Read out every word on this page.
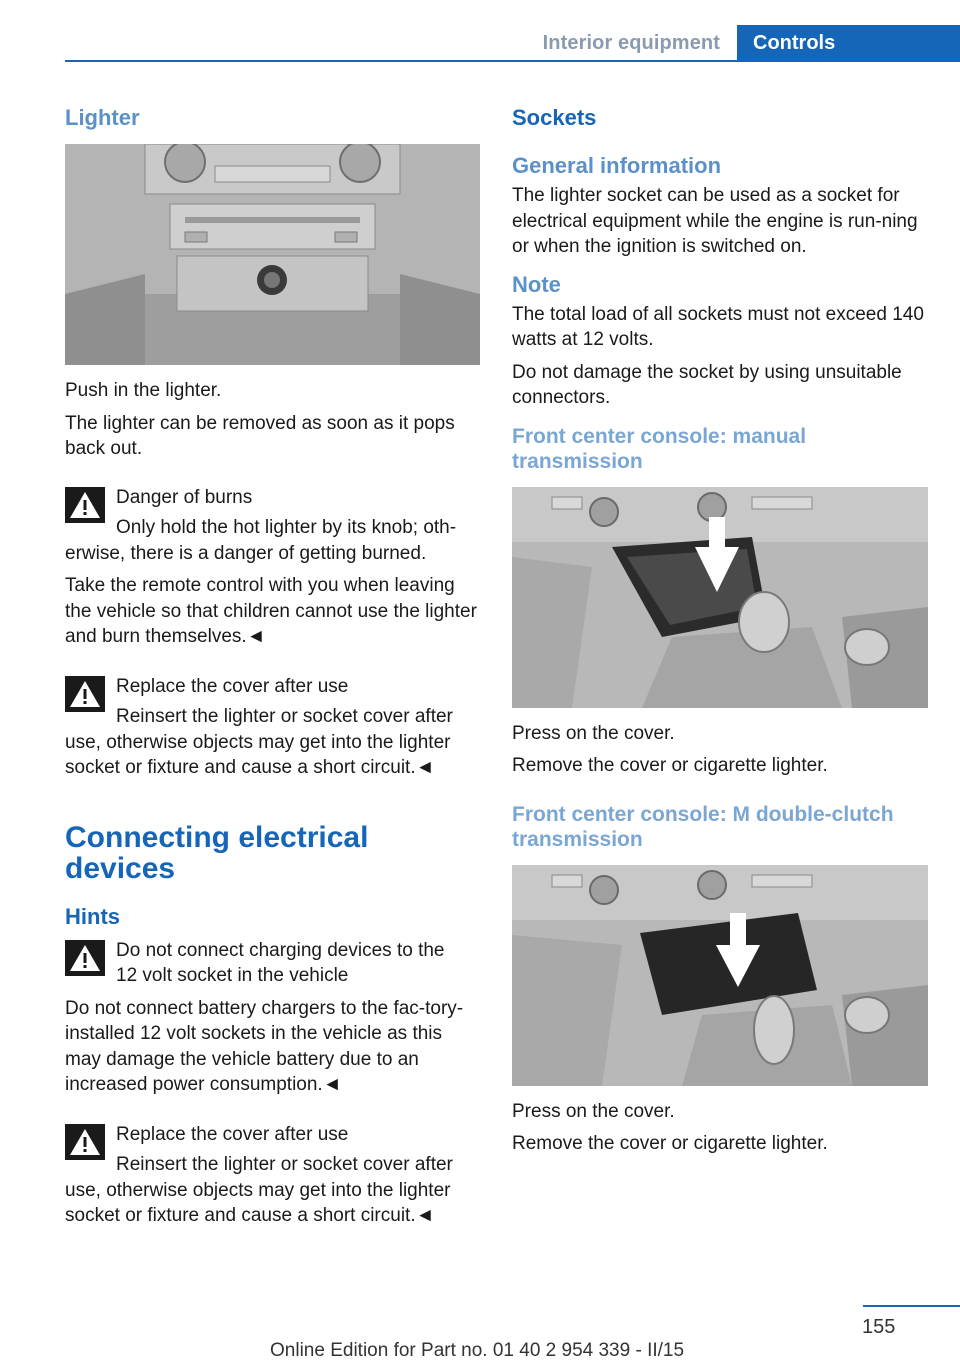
Interior equipment	Controls
Lighter
Push in the lighter.
The lighter can be removed as soon as it pops back out.
Danger of burns
Only hold the hot lighter by its knob; oth-
erwise, there is a danger of getting burned.
Take the remote control with you when leaving the vehicle so that children cannot use the lighter and burn themselves.◄
Replace the cover after use
Reinsert the lighter or socket cover after
use, otherwise objects may get into the lighter socket or fixture and cause a short circuit.◄
Connecting electrical devices
Hints
Do not connect charging devices to the
12 volt socket in the vehicle
Do not connect battery chargers to the fac-tory-installed 12 volt sockets in the vehicle as this may damage the vehicle battery due to an increased power consumption.◄
Replace the cover after use
Reinsert the lighter or socket cover after
use, otherwise objects may get into the lighter socket or fixture and cause a short circuit.◄
Sockets
General information
The lighter socket can be used as a socket for electrical equipment while the engine is run-ning or when the ignition is switched on.
Note
The total load of all sockets must not exceed 140 watts at 12 volts.
Do not damage the socket by using unsuitable connectors.
Front center console: manual transmission
Press on the cover.
Remove the cover or cigarette lighter.
Front center console: M double-clutch transmission
Press on the cover.
Remove the cover or cigarette lighter.
155
Online Edition for Part no. 01 40 2 954 339 - II/15
